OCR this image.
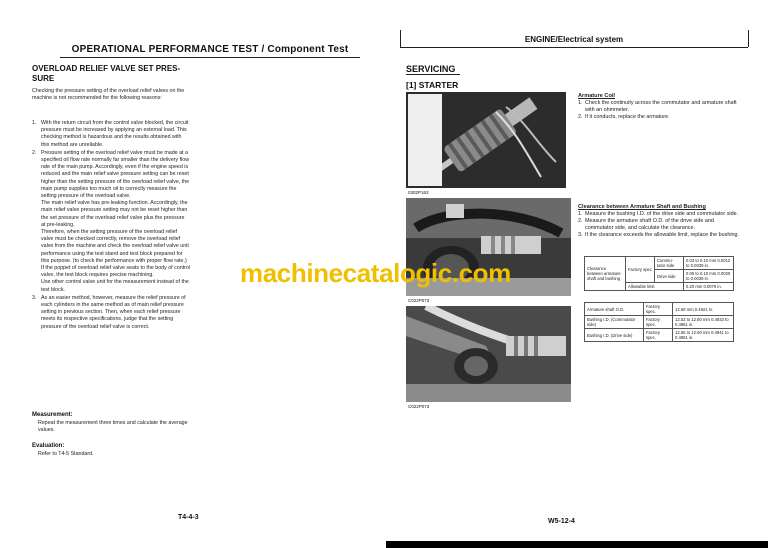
OPERATIONAL PERFORMANCE TEST / Component Test
OVERLOAD RELIEF VALVE SET PRES- SURE
Checking the pressure setting of the overload relief valves on the machine is not recommended for the following reasons:
1. With the return circuit from the control valve blocked, the circuit pressure must be increased by applying an external load. This checking method is hazardous and the results obtained with this method are unreliable.
2. Pressure setting of the overload relief valve must be made at a specified oil flow rate normally far smaller than the delivery flow rate of the main pump. Accordingly, even if the engine speed is reduced and the main relief valve pressure setting can be reset higher than the setting pressure of the overload relief valve, the main pump supplies too much oil to correctly measure the setting pressure of the overload valve.
The main relief valve has pre-leaking function. Accordingly, the main relief valve pressure setting may not be reset higher than the set pressure of the overload relief valve plus the pressure at pre-leaking.
Therefore, when the setting pressure of the overload relief valve must be checked correctly, remove the overload relief valve from the machine and check the overload relief valve unit performance using the test stand and test block prepared for this purpose. (to check the performance with proper flow rate.)
If the poppet of overload relief valve seats to the body of control valve, the test block requires precise machining.
Use other control valve unit for the measurement instead of the test block.
3. As an easier method, however, measure the relief pressure of each cylinders in the same method as of main relief pressure setting in previous section. Then, when each relief pressure meets its respective specifications, judge that the setting pressure of the overload relief valve is correct.
Measurement:
Repeat the measurement three times and calculate the average values.
Evaluation:
Refer to T4-5 Standard.
T4-4-3
ENGINE/Electrical system
SERVICING
[1] STARTER
0302P163
C022P073
C022P073
Armature Coil
1. Check the continuity across the commutator and armature shaft with an ohmmeter.
2. If it conducts, replace the armature.
Clearance between Armature Shaft and Bushing
1. Measure the bushing I.D. of the drive side and commutator side.
2. Measure the armature shaft O.D. of the drive side and commutator side, and calculate the clearance.
3. If the clearance exceeds the allowable limit, replace the bushing.
Clearance between armature shaft and bushing	Factory spec	Commu-tator side	0.03 to 0.10 mm 0.0012 to 0.0039 in.
		Drive side	0.05 to 0.10 mm 0.0020 to 0.0039 in.
	Allowable limit		0.20 mm 0.0079 in.
Armature shaft O.D.	Factory spec.	12.50 mm 0.4921 in.
Bushing I.D. (Commutator side)	Factory spec.	12.53 to 12.60 mm 0.4933 to 0.4961 in.
Bushing I.D. (Drive side)	Factory spec.	12.55 to 12.60 mm 0.4941 to 0.4961 in.
W5-12-4
machinecatalogic.com
